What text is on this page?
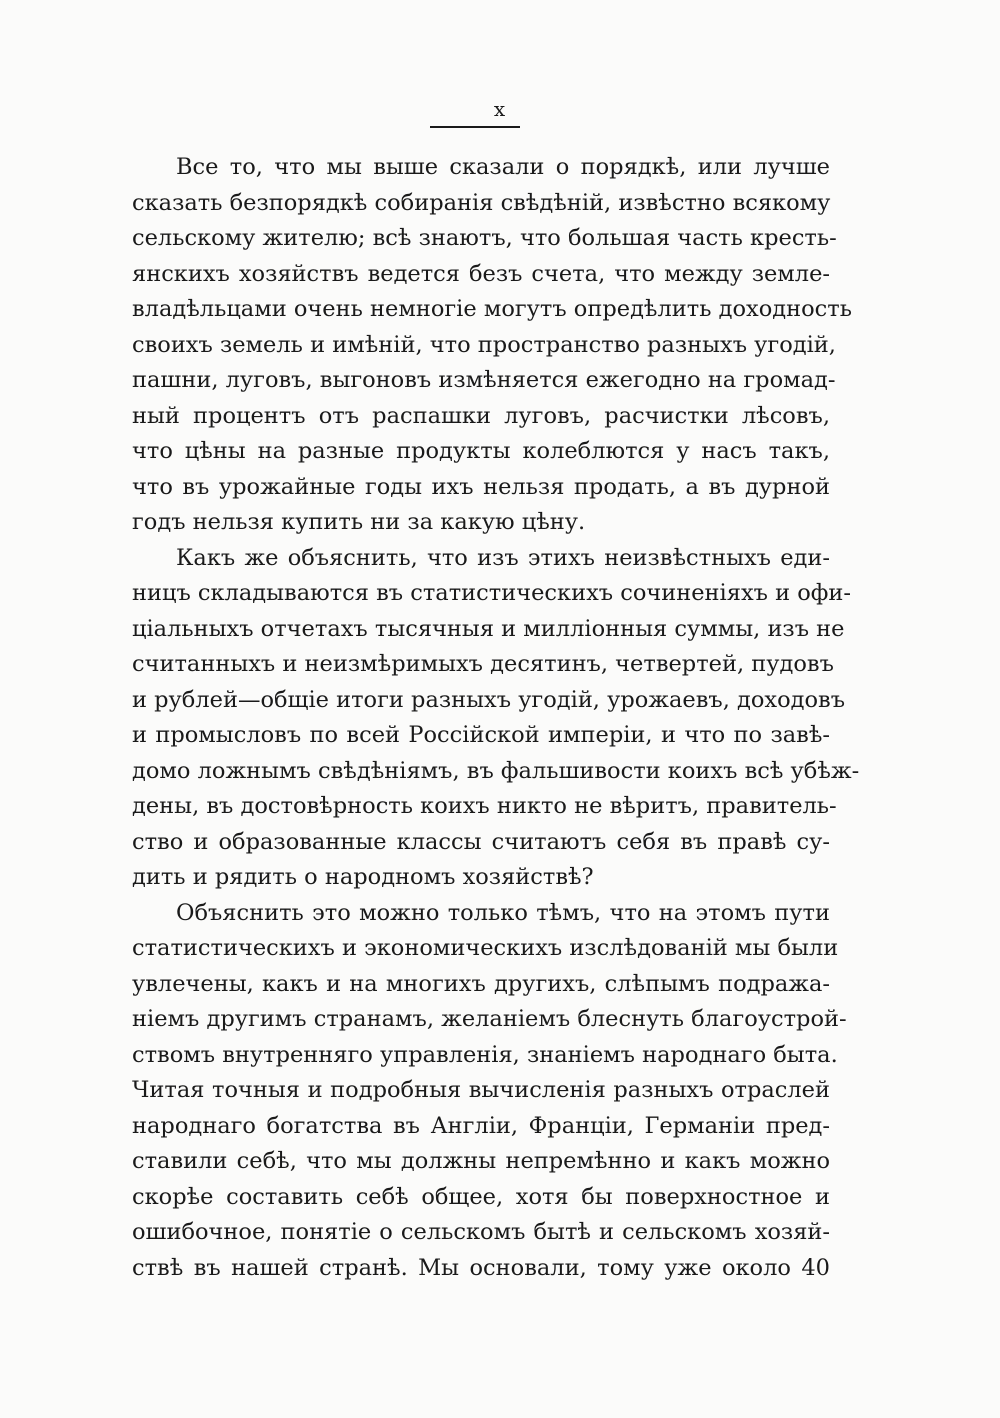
x
Все то, что мы выше сказали о порядкѣ, или лучше
сказать безпорядкѣ собиранія свѣдѣній, извѣстно всякому
сельскому жителю; всѣ знаютъ, что большая часть кресть-
янскихъ хозяйствъ ведется безъ счета, что между земле-
владѣльцами очень немногіе могутъ опредѣлить доходность
своихъ земель и имѣній, что пространство разныхъ угодій,
пашни, луговъ, выгоновъ измѣняется ежегодно на громад-
ный процентъ отъ распашки луговъ, расчистки лѣсовъ,
что цѣны на разные продукты колеблются у насъ такъ,
что въ урожайные годы ихъ нельзя продать, а въ дурной
годъ нельзя купить ни за какую цѣну.
Какъ же объяснить, что изъ этихъ неизвѣстныхъ еди-
ницъ складываются въ статистическихъ сочиненіяхъ и офи-
ціальныхъ отчетахъ тысячныя и милліонныя суммы, изъ не
считанныхъ и неизмѣримыхъ десятинъ, четвертей, пудовъ
и рублей—общіе итоги разныхъ угодій, урожаевъ, доходовъ
и промысловъ по всей Россійской имперіи, и что по завѣ-
домо ложнымъ свѣдѣніямъ, въ фальшивости коихъ всѣ убѣж-
дены, въ достовѣрность коихъ никто не вѣритъ, правитель-
ство и образованные классы считаютъ себя въ правѣ су-
дить и рядить о народномъ хозяйствѣ?
Объяснить это можно только тѣмъ, что на этомъ пути
статистическихъ и экономическихъ изслѣдованій мы были
увлечены, какъ и на многихъ другихъ, слѣпымъ подража-
ніемъ другимъ странамъ, желаніемъ блеснуть благоустрой-
ствомъ внутренняго управленія, знаніемъ народнаго быта.
Читая точныя и подробныя вычисленія разныхъ отраслей
народнаго богатства въ Англіи, Франціи, Германіи пред-
ставили себѣ, что мы должны непремѣнно и какъ можно
скорѣе составить себѣ общее, хотя бы поверхностное и
ошибочное, понятіе о сельскомъ бытѣ и сельскомъ хозяй-
ствѣ въ нашей странѣ. Мы основали, тому уже около 40
